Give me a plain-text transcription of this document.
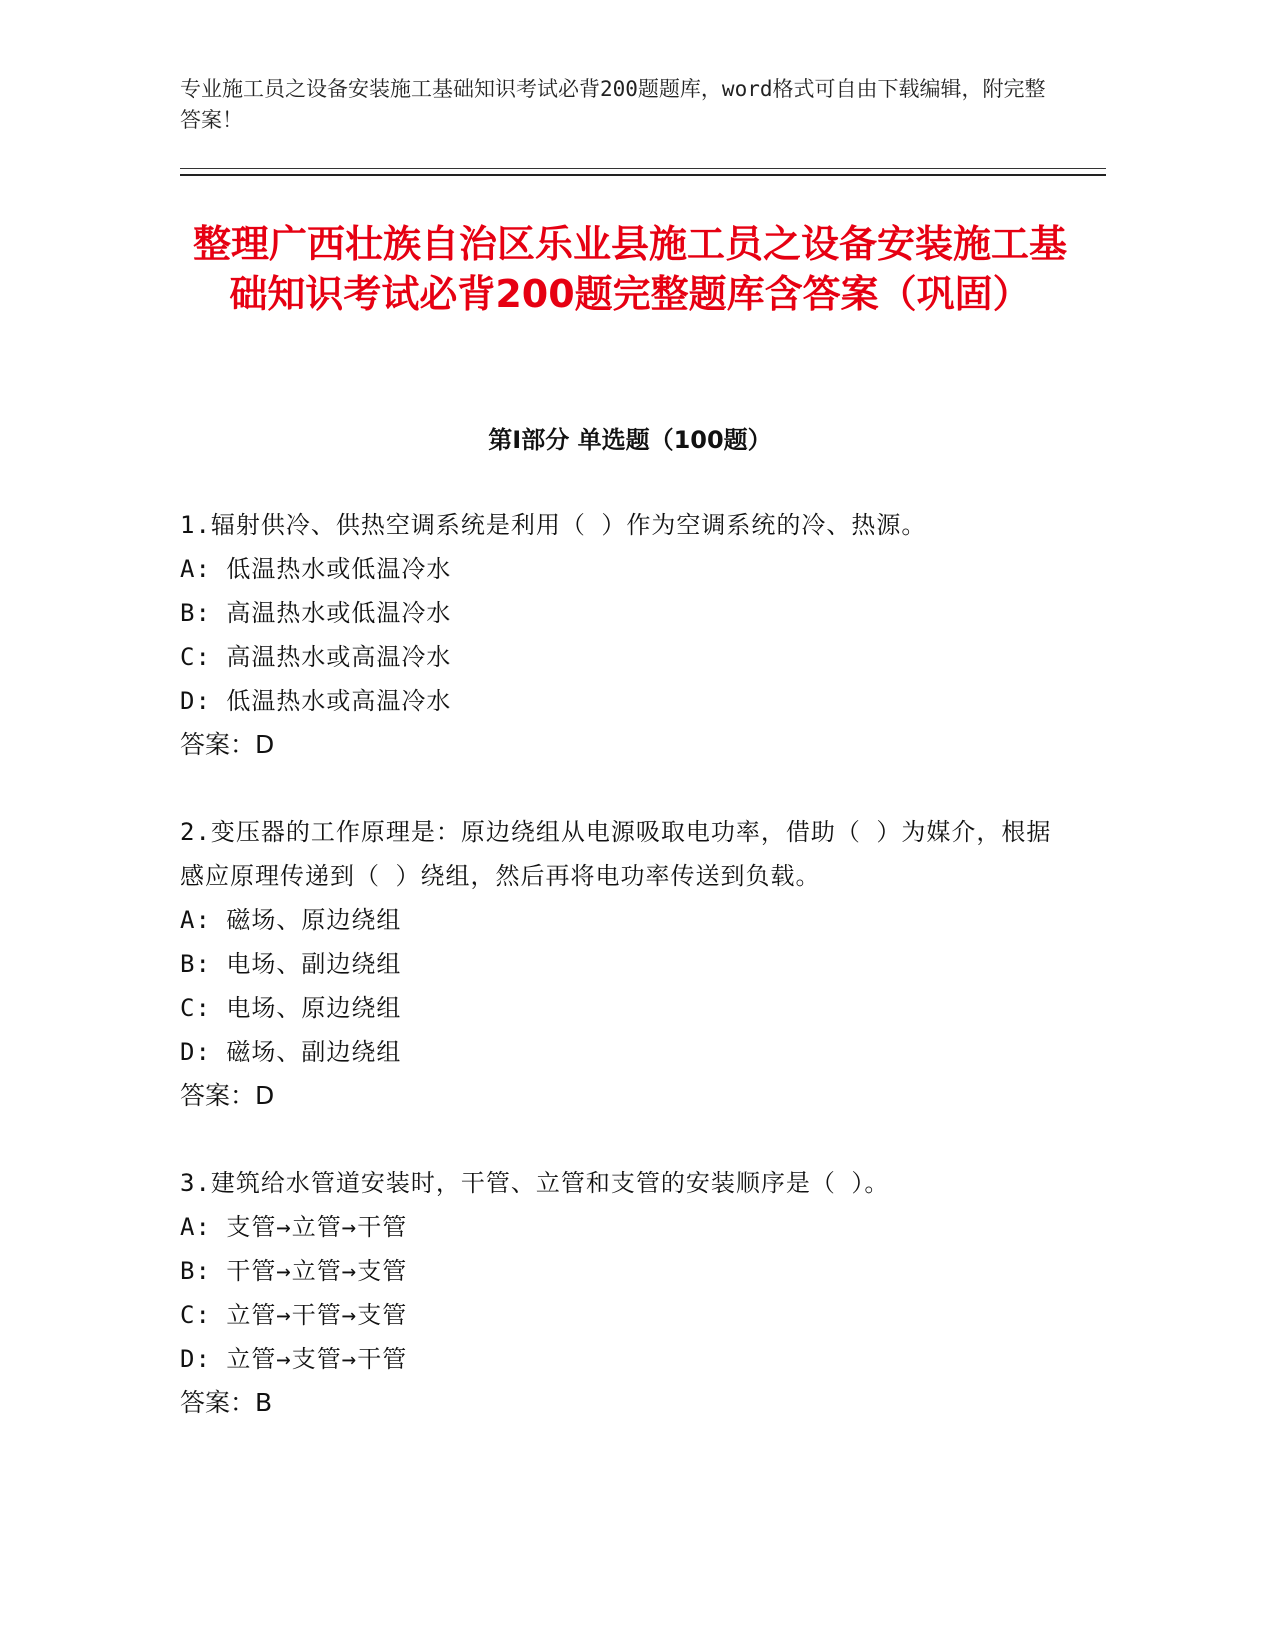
专业施工员之设备安装施工基础知识考试必背200题题库，word格式可自由下载编辑，附完整答案！
整理广西壮族自治区乐业县施工员之设备安装施工基础知识考试必背200题完整题库含答案（巩固）
第I部分 单选题（100题）
1.辐射供冷、供热空调系统是利用（ ）作为空调系统的冷、热源。
A: 低温热水或低温冷水
B: 高温热水或低温冷水
C: 高温热水或高温冷水
D: 低温热水或高温冷水
答案：D
2.变压器的工作原理是：原边绕组从电源吸取电功率，借助（ ）为媒介，根据感应原理传递到（ ）绕组，然后再将电功率传送到负载。
A: 磁场、原边绕组
B: 电场、副边绕组
C: 电场、原边绕组
D: 磁场、副边绕组
答案：D
3.建筑给水管道安装时，干管、立管和支管的安装顺序是（ ）。
A: 支管→立管→干管
B: 干管→立管→支管
C: 立管→干管→支管
D: 立管→支管→干管
答案：B
